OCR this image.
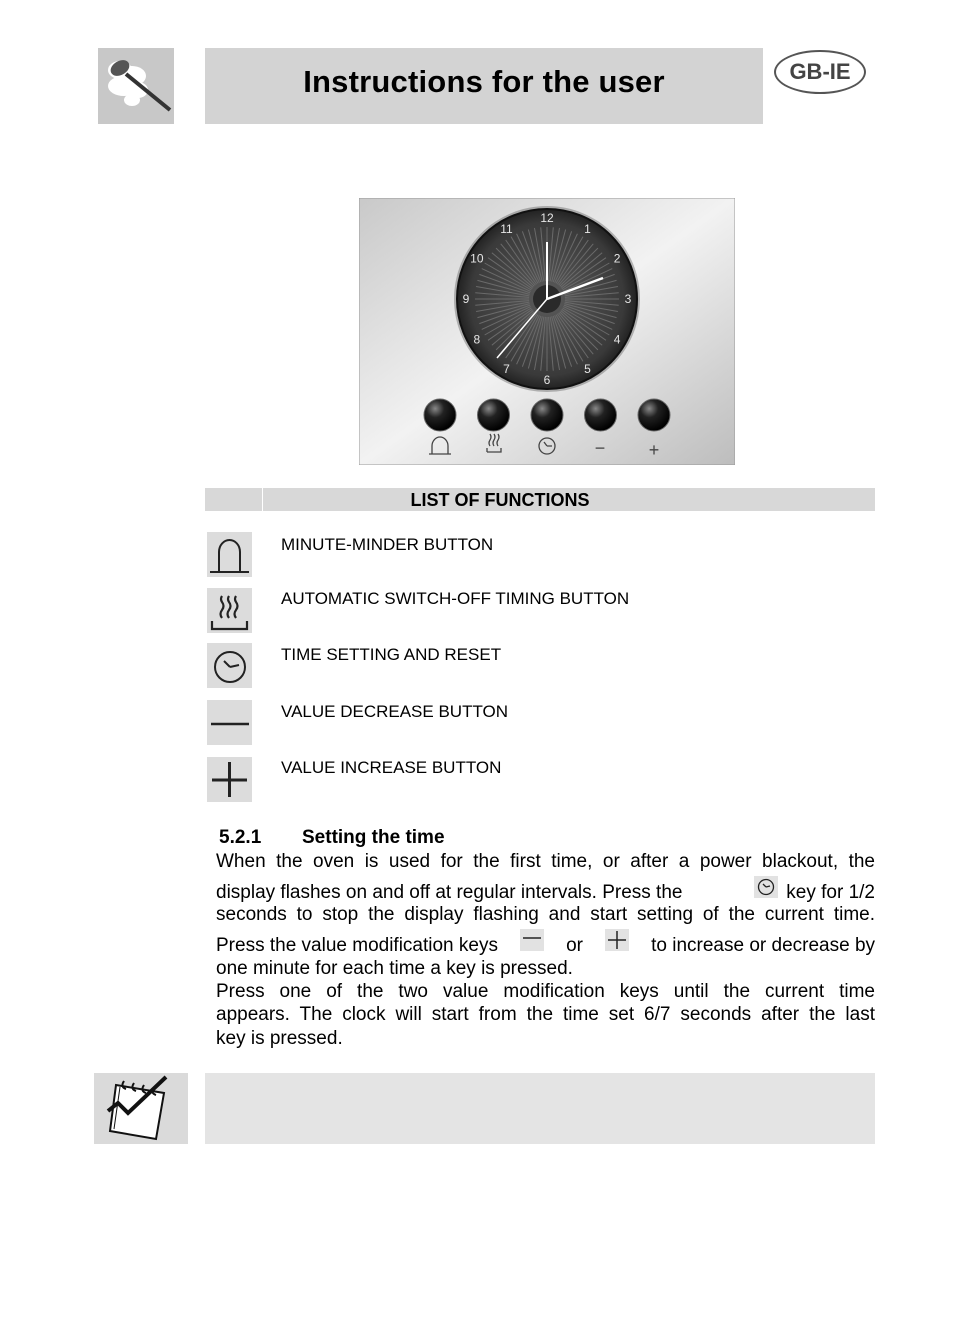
Instructions for the user	GB-IE
12
1
2
3
4
5
6
7
8
9
10
11
− +
LIST OF FUNCTIONS
MINUTE-MINDER BUTTON
AUTOMATIC SWITCH-OFF TIMING BUTTON
TIME SETTING AND RESET
VALUE DECREASE BUTTON
VALUE INCREASE BUTTON
5.2.1 Setting the time
When the oven is used for the first time, or after a power blackout, the
display flashes on and off at regular intervals. Press the	key for 1/2
seconds to stop the display flashing and start setting of the current time.
Press the value modification keys	or	to increase or decrease by
one minute for each time a key is pressed.
Press one of the two value modification keys until the current time
appears. The clock will start from the time set 6/7 seconds after the last
key is pressed.
